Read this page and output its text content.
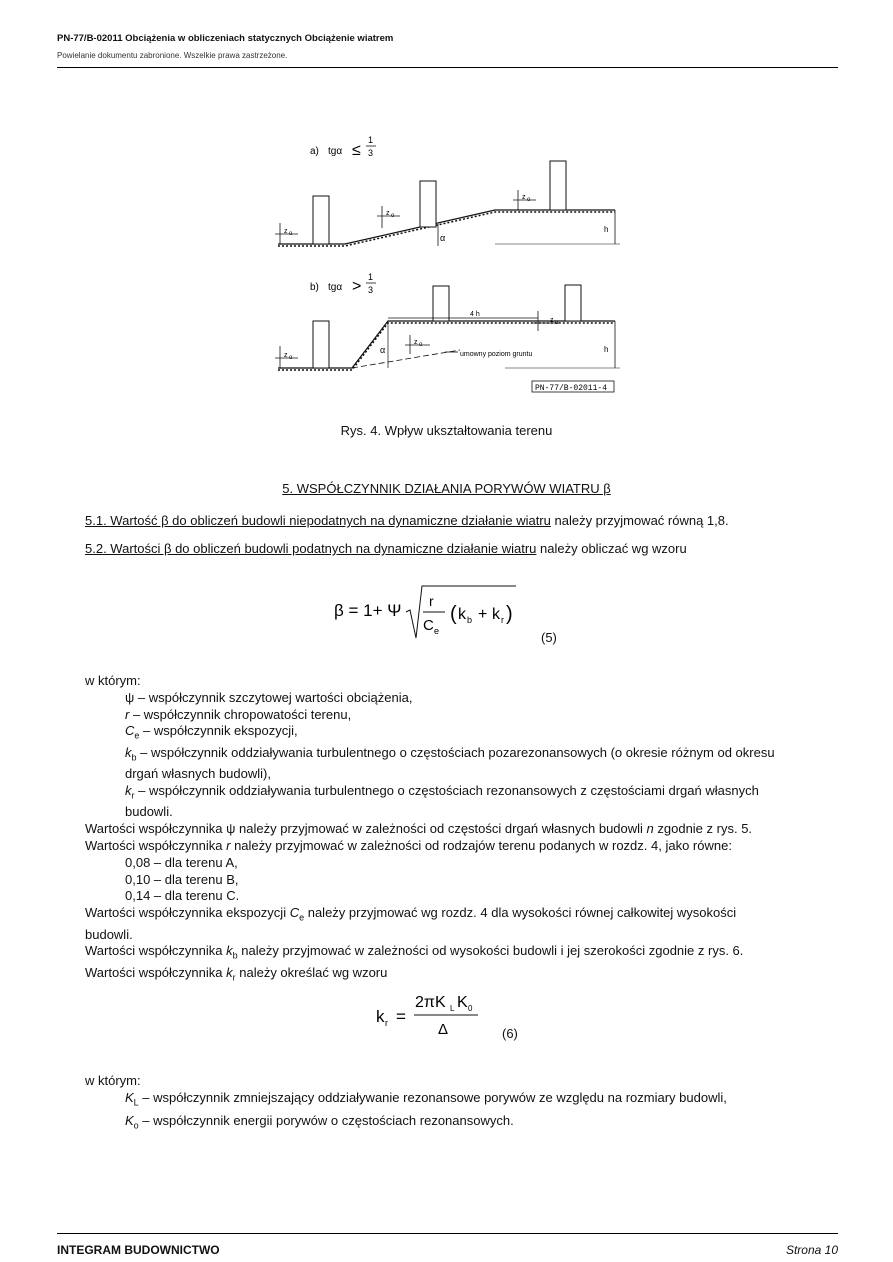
PN-77/B-02011 Obciążenia w obliczeniach statycznych Obciążenie wiatrem
Powielanie dokumentu zabronione. Wszelkie prawa zastrzeżone.
a) tgα ≤
1
3
z o
z o
z o
α
h
b) tgα >
1
3
4 h
z o
z o
z o
α	umowny poziom gruntu
h
PN-77/B-02011-4
Rys. 4. Wpływ ukształtowania terenu
5. WSPÓŁCZYNNIK DZIAŁANIA PORYWÓW WIATRU β
5.1. Wartość β do obliczeń budowli niepodatnych na dynamiczne działanie wiatru należy przyjmować równą 1,8.
5.2. Wartości β do obliczeń budowli podatnych na dynamiczne działanie wiatru należy obliczać wg wzoru
β = 1+ Ψ r
C e
( k b + k r )
(5)
w którym:
ψ – współczynnik szczytowej wartości obciążenia,
r – współczynnik chropowatości terenu,
$C_e$ – współczynnik ekspozycji,
$k_b$ – współczynnik oddziaływania turbulentnego o częstościach pozarezonansowych (o okresie różnym od okresu
drgań własnych budowli),
$k_r$ – współczynnik oddziaływania turbulentnego o częstościach rezonansowych z częstościami drgań własnych
budowli.
Wartości współczynnika ψ należy przyjmować w zależności od częstości drgań własnych budowli n zgodnie z rys. 5.
Wartości współczynnika r należy przyjmować w zależności od rodzajów terenu podanych w rozdz. 4, jako równe:
0,08 – dla terenu A,
0,10 – dla terenu B,
0,14 – dla terenu C.
Wartości współczynnika ekspozycji $C_e$ należy przyjmować wg rozdz. 4 dla wysokości równej całkowitej wysokości
budowli.
Wartości współczynnika $k_b$ należy przyjmować w zależności od wysokości budowli i jej szerokości zgodnie z rys. 6.
Wartości współczynnika $k_r$ należy określać wg wzoru
k r =
2πK L K 0
Δ	(6)
w którym:
$K_L$ – współczynnik zmniejszający oddziaływanie rezonansowe porywów ze względu na rozmiary budowli,
$K_o$ – współczynnik energii porywów o częstościach rezonansowych.
INTEGRAM BUDOWNICTWO	Strona 10
